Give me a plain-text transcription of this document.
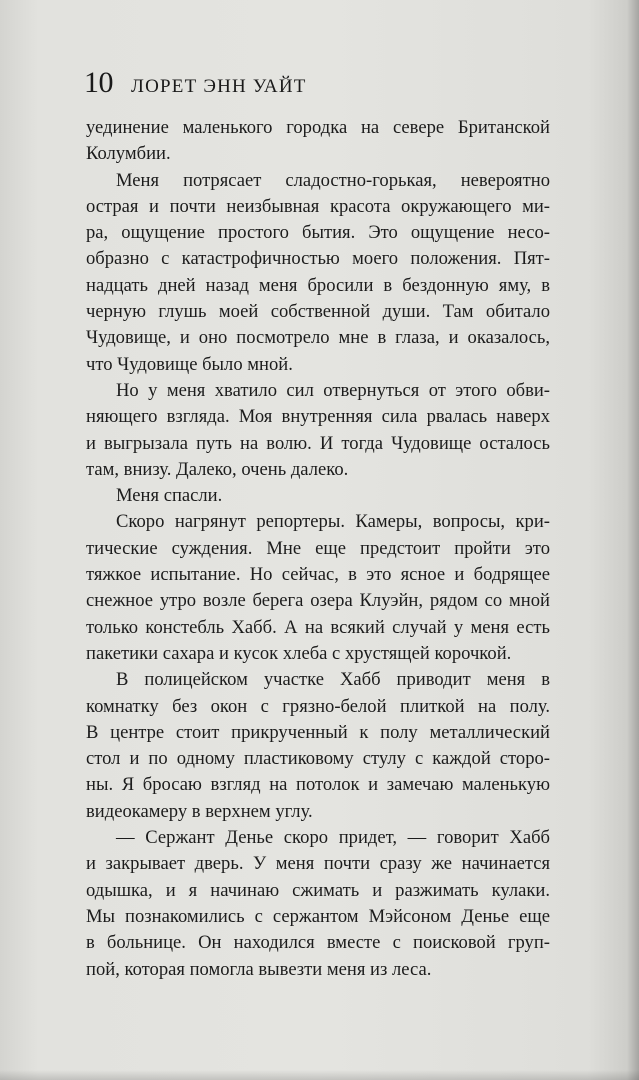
10 ЛОРЕТ ЭНН УАЙТ
уединение маленького городка на севере Британской
Колумбии.
Меня потрясает сладостно-горькая, невероятно
острая и почти неизбывная красота окружающего ми-
ра, ощущение простого бытия. Это ощущение несо-
образно с катастрофичностью моего положения. Пят-
надцать дней назад меня бросили в бездонную яму, в
черную глушь моей собственной души. Там обитало
Чудовище, и оно посмотрело мне в глаза, и оказалось,
что Чудовище было мной.
Но у меня хватило сил отвернуться от этого обви-
няющего взгляда. Моя внутренняя сила рвалась наверх
и выгрызала путь на волю. И тогда Чудовище осталось
там, внизу. Далеко, очень далеко.
Меня спасли.
Скоро нагрянут репортеры. Камеры, вопросы, кри-
тические суждения. Мне еще предстоит пройти это
тяжкое испытание. Но сейчас, в это ясное и бодрящее
снежное утро возле берега озера Клуэйн, рядом со мной
только констебль Хабб. А на всякий случай у меня есть
пакетики сахара и кусок хлеба с хрустящей корочкой.
В полицейском участке Хабб приводит меня в
комнатку без окон с грязно-белой плиткой на полу.
В центре стоит прикрученный к полу металлический
стол и по одному пластиковому стулу с каждой сторо-
ны. Я бросаю взгляд на потолок и замечаю маленькую
видеокамеру в верхнем углу.
— Сержант Денье скоро придет, — говорит Хабб
и закрывает дверь. У меня почти сразу же начинается
одышка, и я начинаю сжимать и разжимать кулаки.
Мы познакомились с сержантом Мэйсоном Денье еще
в больнице. Он находился вместе с поисковой груп-
пой, которая помогла вывезти меня из леса.
